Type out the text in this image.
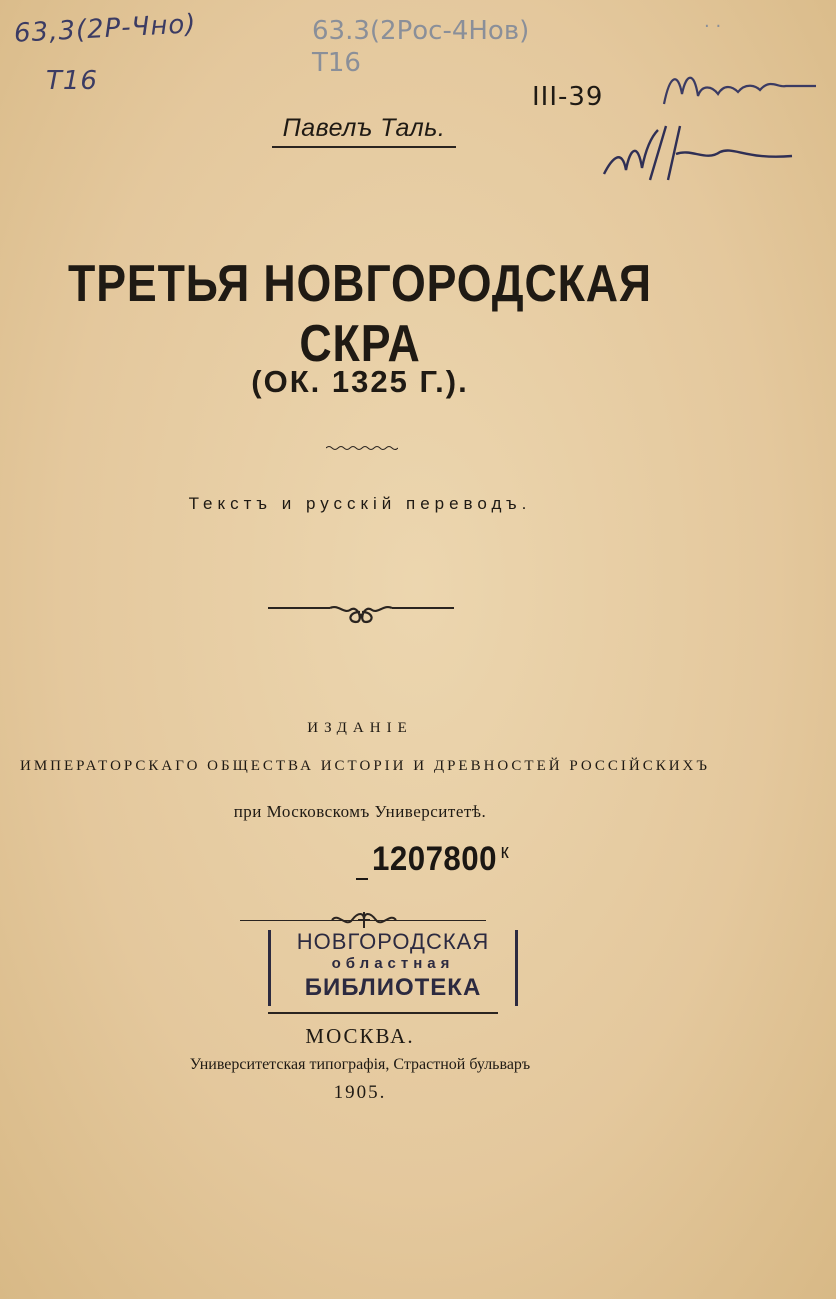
63,3(2Р-Чно)
Т16
63.3(2Рос-4Нов)
Т16
III-39
· ·
Павелъ Таль.
ТРЕТЬЯ НОВГОРОДСКАЯ СКРА
(ОК. 1325 Г.).
Текстъ и русскій переводъ.
ИЗДАНІЕ
ИМПЕРАТОРСКАГО ОБЩЕСТВА ИСТОРІИ И ДРЕВНОСТЕЙ РОССІЙСКИХЪ
при Московскомъ Университетѣ.
1207800 $^к$
НОВГОРОДСКАЯ
областная
БИБЛИОТЕКА
МОСКВА.
Университетская типографія, Страстной бульваръ
1905.
